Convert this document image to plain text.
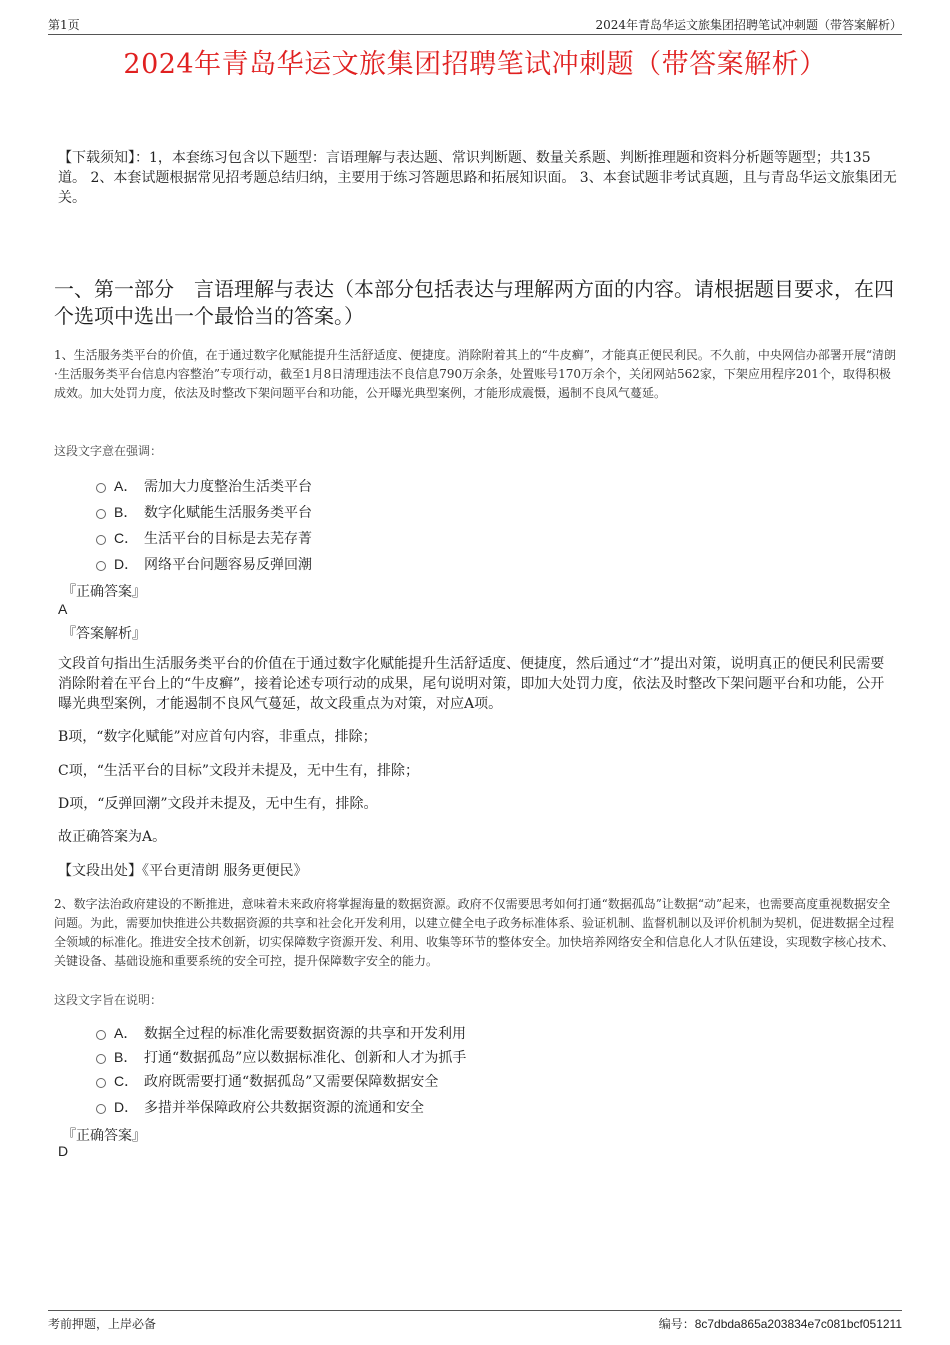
第1页	2024年青岛华运文旅集团招聘笔试冲刺题（带答案解析）
2024年青岛华运文旅集团招聘笔试冲刺题（带答案解析）
【下载须知】：1，本套练习包含以下题型：言语理解与表达题、常识判断题、数量关系题、判断推理题和资料分析题等题型；共135道。 2、本套试题根据常见招考题总结归纳，主要用于练习答题思路和拓展知识面。 3、本套试题非考试真题，且与青岛华运文旅集团无关。
一、第一部分　言语理解与表达（本部分包括表达与理解两方面的内容。请根据题目要求，在四个选项中选出一个最恰当的答案。）
1、生活服务类平台的价值，在于通过数字化赋能提升生活舒适度、便捷度。消除附着其上的“牛皮癣”，才能真正便民利民。不久前，中央网信办部署开展“清朗·生活服务类平台信息内容整治”专项行动，截至1月8日清理违法不良信息790万余条，处置账号170万余个，关闭网站562家，下架应用程序201个，取得积极成效。加大处罚力度，依法及时整改下架问题平台和功能，公开曝光典型案例，才能形成震慑，遏制不良风气蔓延。
这段文字意在强调：
A． 需加大力度整治生活类平台
B． 数字化赋能生活服务类平台
C． 生活平台的目标是去芜存菁
D． 网络平台问题容易反弹回潮
『正确答案』
A
『答案解析』
文段首句指出生活服务类平台的价值在于通过数字化赋能提升生活舒适度、便捷度，然后通过“才”提出对策，说明真正的便民利民需要消除附着在平台上的“牛皮癣”，接着论述专项行动的成果，尾句说明对策，即加大处罚力度，依法及时整改下架问题平台和功能，公开曝光典型案例，才能遏制不良风气蔓延，故文段重点为对策，对应A项。
B项，“数字化赋能”对应首句内容，非重点，排除；
C项，“生活平台的目标”文段并未提及，无中生有，排除；
D项，“反弹回潮”文段并未提及，无中生有，排除。
故正确答案为A。
【文段出处】《平台更清朗 服务更便民》
2、数字法治政府建设的不断推进，意味着未来政府将掌握海量的数据资源。政府不仅需要思考如何打通“数据孤岛”让数据“动”起来，也需要高度重视数据安全问题。为此，需要加快推进公共数据资源的共享和社会化开发利用，以建立健全电子政务标准体系、验证机制、监督机制以及评价机制为契机，促进数据全过程全领域的标准化。推进安全技术创新，切实保障数字资源开发、利用、收集等环节的整体安全。加快培养网络安全和信息化人才队伍建设，实现数字核心技术、关键设备、基础设施和重要系统的安全可控，提升保障数字安全的能力。
这段文字旨在说明：
A． 数据全过程的标准化需要数据资源的共享和开发利用
B． 打通“数据孤岛”应以数据标准化、创新和人才为抓手
C． 政府既需要打通“数据孤岛”又需要保障数据安全
D． 多措并举保障政府公共数据资源的流通和安全
『正确答案』
D
考前押题，上岸必备	编号：8c7dbda865a203834e7c081bcf051211
